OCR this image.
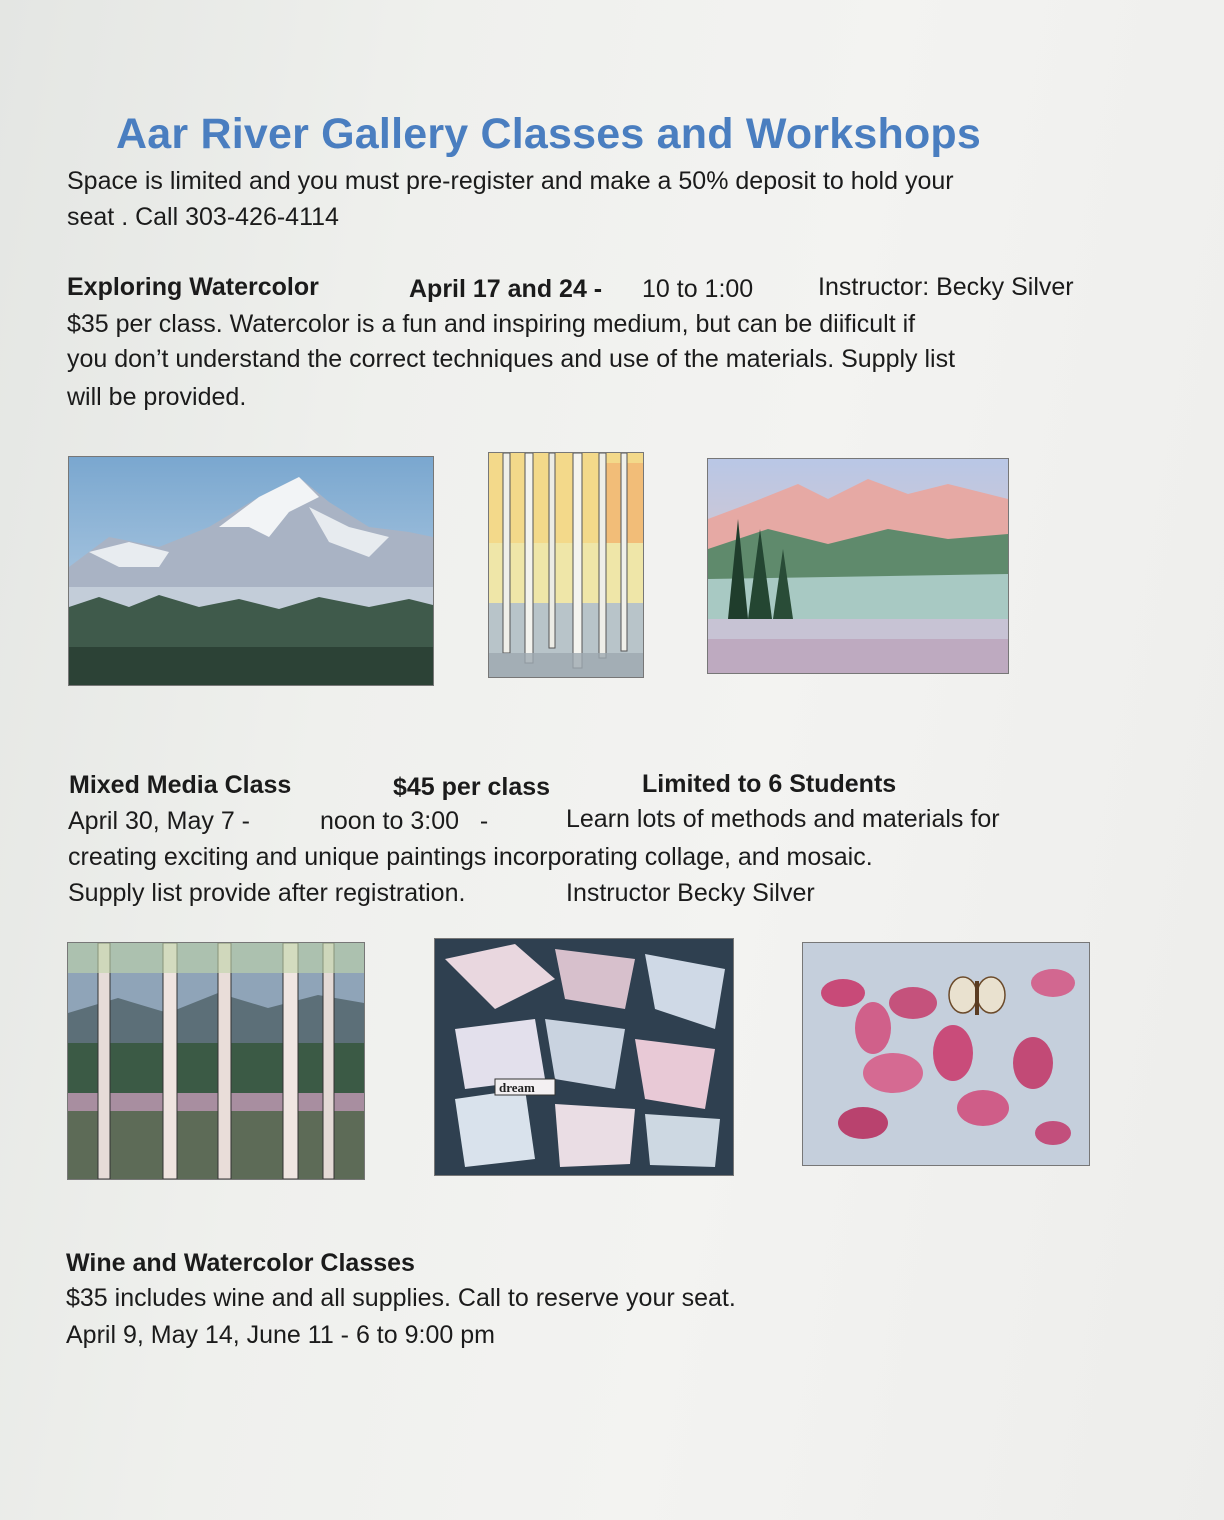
Aar River Gallery Classes and Workshops
Space is limited and you must pre-register and make a 50% deposit to hold your
seat . Call 303-426-4114
Exploring Watercolor	April 17 and 24 - 10 to 1:00	Instructor: Becky Silver
$35 per class. Watercolor is a fun and inspiring medium, but can be diificult if
you don’t understand the correct techniques and use of the materials. Supply list
will be provided.
Mixed Media Class	$45 per class	Limited to 6 Students
April 30, May 7 -	noon to 3:00   -	Learn lots of methods and materials for
creating exciting and unique paintings incorporating collage, and mosaic.
Supply list provide after registration.	Instructor Becky Silver
dream
Wine and Watercolor Classes
$35 includes wine and all supplies. Call to reserve your seat.
April 9, May 14, June 11 - 6 to 9:00 pm
